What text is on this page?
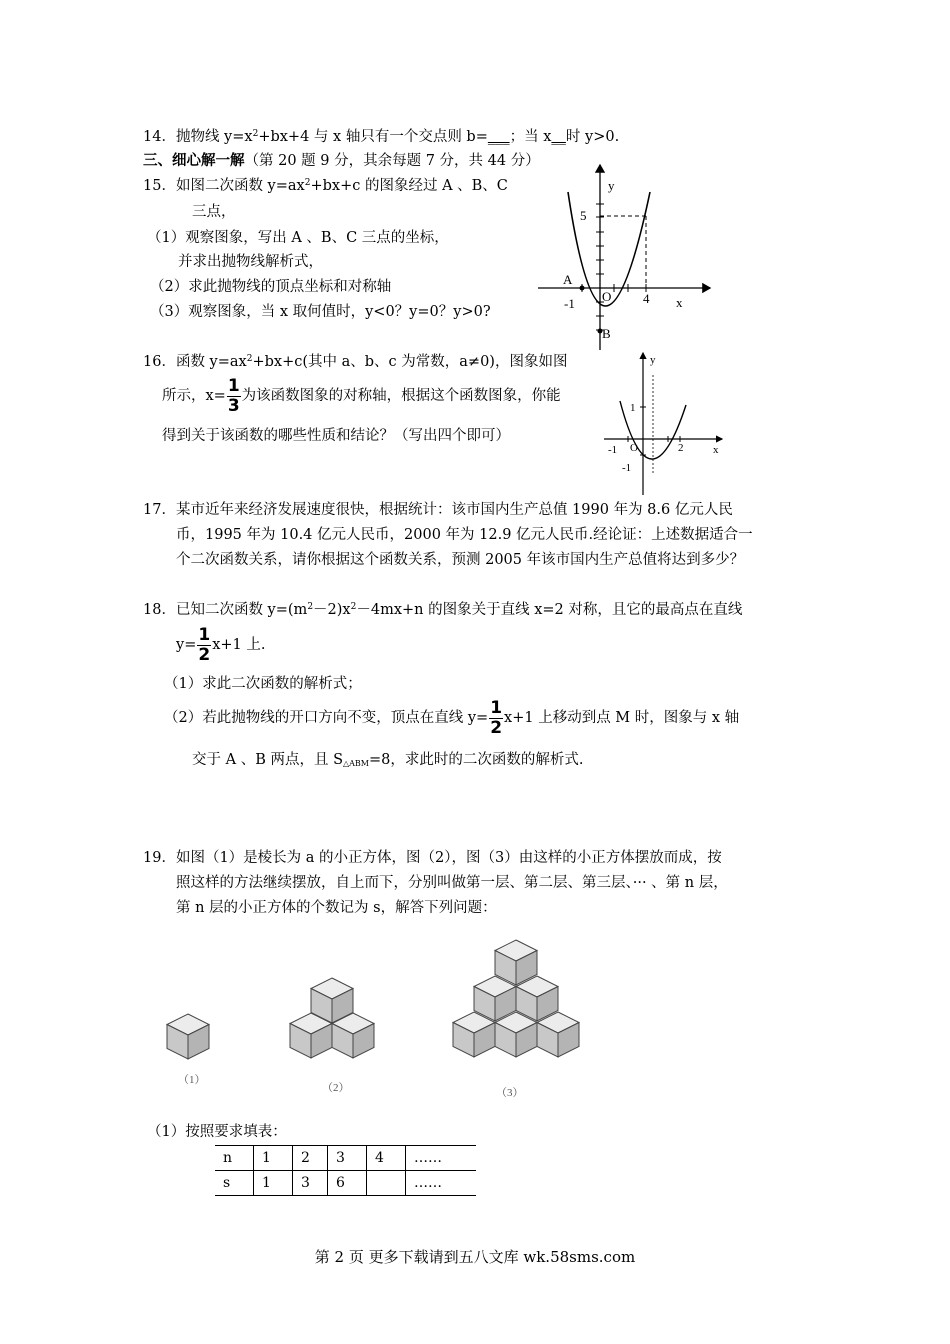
14．抛物线 $y=x^2+bx+4$ 与 x 轴只有一个交点则 b=___；当 x__时 y>0.
三、细心解一解（第 20 题 9 分，其余每题 7 分，共 44 分）
15．如图二次函数 $y=ax^2+bx+c$ 的图象经过 A 、B、C
三点，
（1）观察图象，写出 A 、B、C 三点的坐标，
并求出抛物线解析式，
（2）求此抛物线的顶点坐标和对称轴
（3）观察图象，当 x 取何值时，y<0？y=0？y>0?
y
x
5
A
O
B
-1	4
16．函数 $y=ax^2+bx+c$(其中 a、b、c 为常数，a≠0)，图象如图
所示，$x= \frac{1}{3}$ 为该函数图象的对称轴，根据这个函数图象，你能
得到关于该函数的哪些性质和结论？（写出四个即可）
y
x
1
-1 O	2
-1
17．某市近年来经济发展速度很快，根据统计：该市国内生产总值 1990 年为 8.6 亿元人民
币，1995 年为 10.4 亿元人民币，2000 年为 12.9 亿元人民币.经论证：上述数据适合一
个二次函数关系，请你根据这个函数关系，预测 2005 年该市国内生产总值将达到多少？
18．已知二次函数 $y=(m^2-2)x^2-4mx+n$ 的图象关于直线 x=2 对称，且它的最高点在直线
$y= \frac{1}{2} x+1$ 上.
（1）求此二次函数的解析式；
（2）若此抛物线的开口方向不变，顶点在直线 $y= \frac{1}{2} x+1$ 上移动到点 M 时，图象与 x 轴
交于 A 、B 两点，且 $S_{\triangle ABM}=8$，求此时的二次函数的解析式.
19．如图（1）是棱长为 a 的小正方体，图（2），图（3）由这样的小正方体摆放而成，按
照这样的方法继续摆放，自上而下，分别叫做第一层、第二层、第三层、··· 、第 n 层，
第 n 层的小正方体的个数记为 s，解答下列问题：
（1）
（2）	（3）
（1）按照要求填表：
n	1	2	3	4	……
s	1	3	6		……
第 2 页 更多下载请到五八文库 wk.58sms.com
